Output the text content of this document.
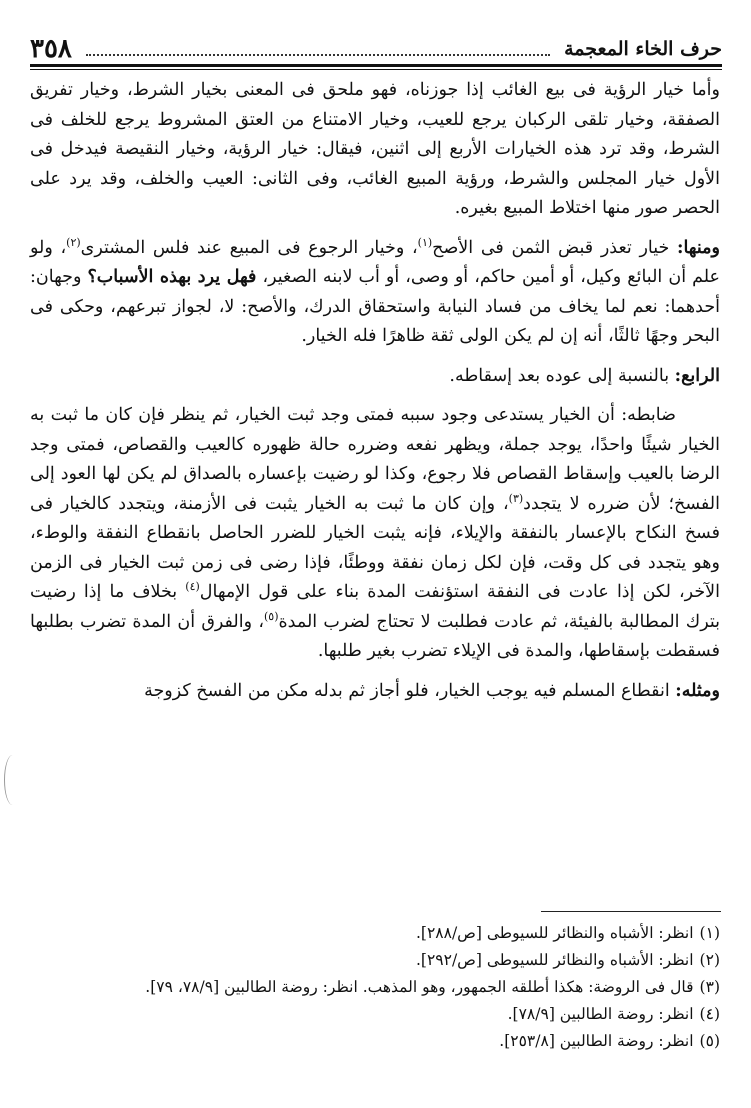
حرف الخاء المعجمة
٣٥٨

وأما خيار الرؤية فى بيع الغائب إذا جوزناه، فهو ملحق فى المعنى بخيار الشرط، وخيار تفريق الصفقة، وخيار تلقى الركبان يرجع للعيب، وخيار الامتناع من العتق المشروط يرجع للخلف فى الشرط، وقد ترد هذه الخيارات الأربع إلى اثنين، فيقال: خيار الرؤية، وخيار النقيصة فيدخل فى الأول خيار المجلس والشرط، ورؤية المبيع الغائب، وفى الثانى: العيب والخلف، وقد يرد على الحصر صور منها اختلاط المبيع بغيره.

ومنها: خيار تعذر قبض الثمن فى الأصح$^{(١)}$، وخيار الرجوع فى المبيع عند فلس المشترى$^{(٢)}$، ولو علم أن البائع وكيل، أو أمين حاكم، أو وصى، أو أب لابنه الصغير، فهل يرد بهذه الأسباب؟ وجهان: أحدهما: نعم لما يخاف من فساد النيابة واستحقاق الدرك، والأصح: لا، لجواز تبرعهم، وحكى فى البحر وجهًا ثالثًا، أنه إن لم يكن الولى ثقة ظاهرًا فله الخيار.

الرابع: بالنسبة إلى عوده بعد إسقاطه.

ضابطه: أن الخيار يستدعى وجود سببه فمتى وجد ثبت الخيار، ثم ينظر فإن كان ما ثبت به الخيار شيئًا واحدًا، يوجد جملة، ويظهر نفعه وضرره حالة ظهوره كالعيب والقصاص، فمتى وجد الرضا بالعيب وإسقاط القصاص فلا رجوع، وكذا لو رضيت بإعساره بالصداق لم يكن لها العود إلى الفسخ؛ لأن ضرره لا يتجدد$^{(٣)}$، وإن كان ما ثبت به الخيار يثبت فى الأزمنة، ويتجدد كالخيار فى فسخ النكاح بالإعسار بالنفقة والإيلاء، فإنه يثبت الخيار للضرر الحاصل بانقطاع النفقة والوطء، وهو يتجدد فى كل وقت، فإن لكل زمان نفقة ووطئًا، فإذا رضى فى زمن ثبت الخيار فى الزمن الآخر، لكن إذا عادت فى النفقة استؤنفت المدة بناء على قول الإمهال$^{(٤)}$ بخلاف ما إذا رضيت بترك المطالبة بالفيئة، ثم عادت فطلبت لا تحتاج لضرب المدة$^{(٥)}$، والفرق أن المدة تضرب بطلبها فسقطت بإسقاطها، والمدة فى الإيلاء تضرب بغير طلبها.

ومثله: انقطاع المسلم فيه يوجب الخيار، فلو أجاز ثم بدله مكن من الفسخ كزوجة

(١)انظر: الأشباه والنظائر للسيوطى [ص/٢٨٨].

(٢)انظر: الأشباه والنظائر للسيوطى [ص/٢٩٢].

(٣)قال فى الروضة: هكذا أطلقه الجمهور، وهو المذهب. انظر: روضة الطالبين [٧٨/٩، ٧٩].

(٤)انظر: روضة الطالبين [٧٨/٩].

(٥)انظر: روضة الطالبين [٢٥٣/٨].
